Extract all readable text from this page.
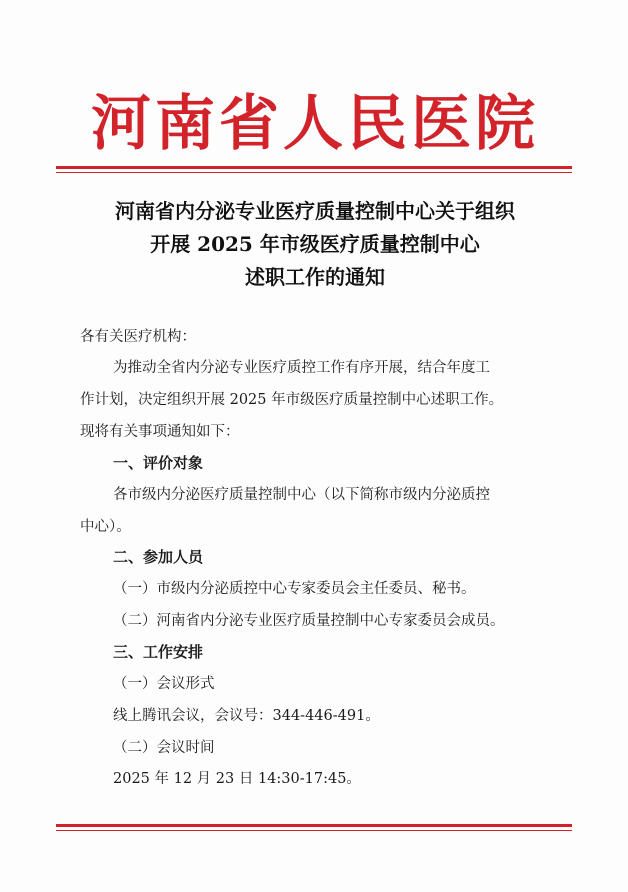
河南省人民医院
河南省内分泌专业医疗质量控制中心关于组织
开展 2025 年市级医疗质量控制中心
述职工作的通知
各有关医疗机构：
为推动全省内分泌专业医疗质控工作有序开展，结合年度工
作计划，决定组织开展 2025 年市级医疗质量控制中心述职工作。
现将有关事项通知如下：
一、评价对象
各市级内分泌医疗质量控制中心（以下简称市级内分泌质控
中心）。
二、参加人员
（一）市级内分泌质控中心专家委员会主任委员、秘书。
（二）河南省内分泌专业医疗质量控制中心专家委员会成员。
三、工作安排
（一）会议形式
线上腾讯会议，会议号：344-446-491。
（二）会议时间
2025 年 12 月 23 日 14:30-17:45。
